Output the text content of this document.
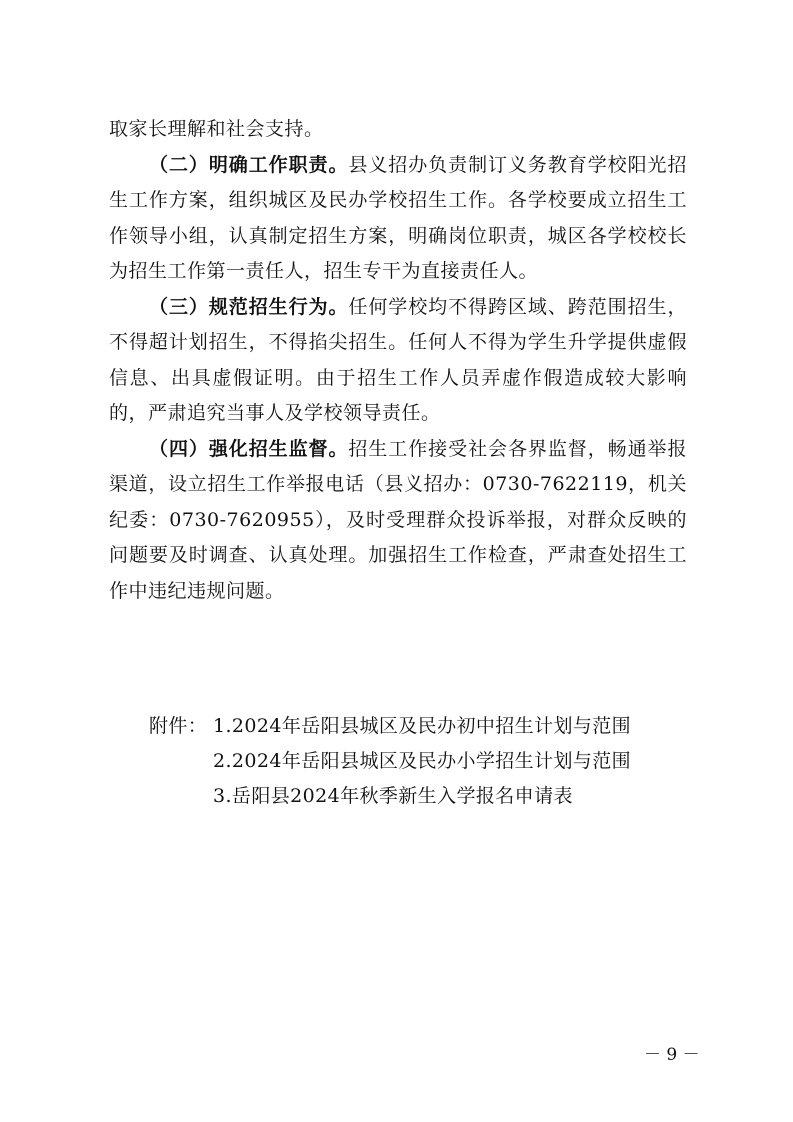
取家长理解和社会支持。

（二）明确工作职责。县义招办负责制订义务教育学校阳光招生工作方案，组织城区及民办学校招生工作。各学校要成立招生工作领导小组，认真制定招生方案，明确岗位职责，城区各学校校长为招生工作第一责任人，招生专干为直接责任人。

（三）规范招生行为。任何学校均不得跨区域、跨范围招生，不得超计划招生，不得掐尖招生。任何人不得为学生升学提供虚假信息、出具虚假证明。由于招生工作人员弄虚作假造成较大影响的，严肃追究当事人及学校领导责任。

（四）强化招生监督。招生工作接受社会各界监督，畅通举报渠道，设立招生工作举报电话（县义招办：0730-7622119，机关纪委：0730-7620955），及时受理群众投诉举报，对群众反映的问题要及时调查、认真处理。加强招生工作检查，严肃查处招生工作中违纪违规问题。

附件： 1.2024年岳阳县城区及民办初中招生计划与范围
2.2024年岳阳县城区及民办小学招生计划与范围
3.岳阳县2024年秋季新生入学报名申请表
－ 9 －
